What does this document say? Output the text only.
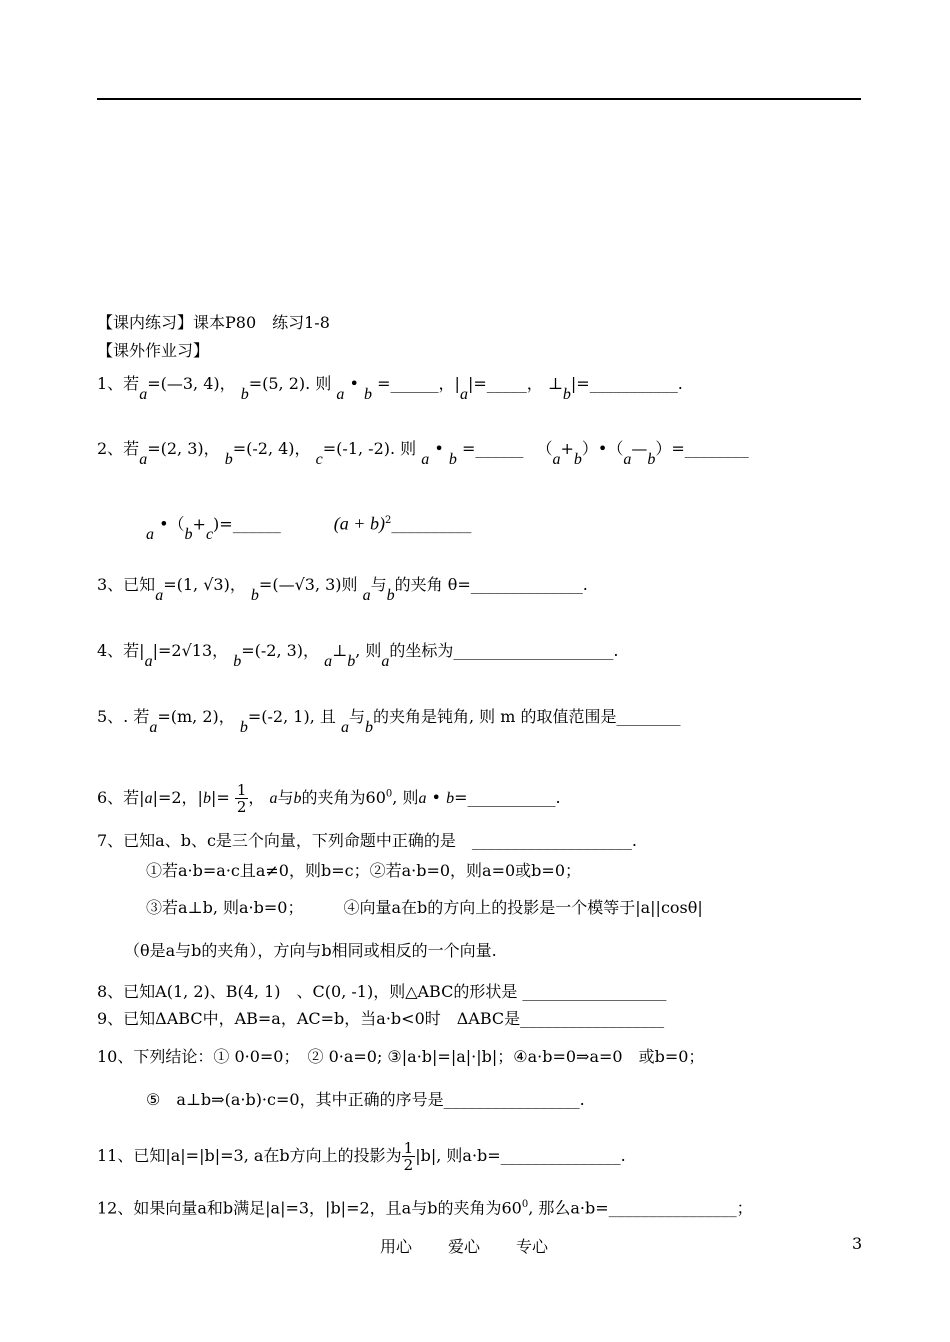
【课内练习】课本P80　练习1-8
【课外作业习】
1、若a=(—3, 4)， b=(5, 2). 则 a • b =______，|a|=_____， ⊥b|=___________.
2、若a=(2, 3)， b=(-2, 4)， c=(-1, -2). 则 a • b =______ 　（a+b）•（a—b）=________
a •（b+c)=______ 　　　	$(a + b)^2\_\_\_\_\_\_\_\_\_\_$
3、已知a=(1, √3)， b=(—√3, 3)则 a与b的夹角 θ=______________.
4、若|a|=2√13， b=(-2, 3)， a⊥b, 则a的坐标为____________________.
5、. 若a=(m, 2)， b=(-2, 1), 且 a与b的夹角是钝角, 则 m 的取值范围是________
6、若|a|=2，$|b|= \frac{1}{2}$ ， a与b的夹角为$60^0$, 则a • b=___________.
7、已知a、b、c是三个向量，下列命题中正确的是　____________________.
①若a·b=a·c且a≠0，则b=c；②若a·b=0，则a=0或b=0；
③若a⊥b, 则a·b=0；　　　④向量a在b的方向上的投影是一个模等于|a||cosθ|
（θ是a与b的夹角），方向与b相同或相反的一个向量.
8、已知A(1, 2)、B(4, 1)　、C(0, -1)，则△ABC的形状是 __________________
9、已知ΔABC中，AB=a，AC=b，当a·b<0时　ΔABC是__________________
10、下列结论：① 0·0=0；　② 0·a=0; ③|a·b|=|a|·|b|；④a·b=0⇒a=0　或b=0；
⑤　a⊥b⇒(a·b)·c=0，其中正确的序号是_________________.
11、已知|a|=|b|=3, a在b方向上的投影为 $\frac{1}{2} |b|$, 则a·b=_______________.
12、如果向量a和b满足|a|=3，|b|=2，且a与b的夹角为$60^0$, 那么a·b=________________；
用心 爱心 专心	3
